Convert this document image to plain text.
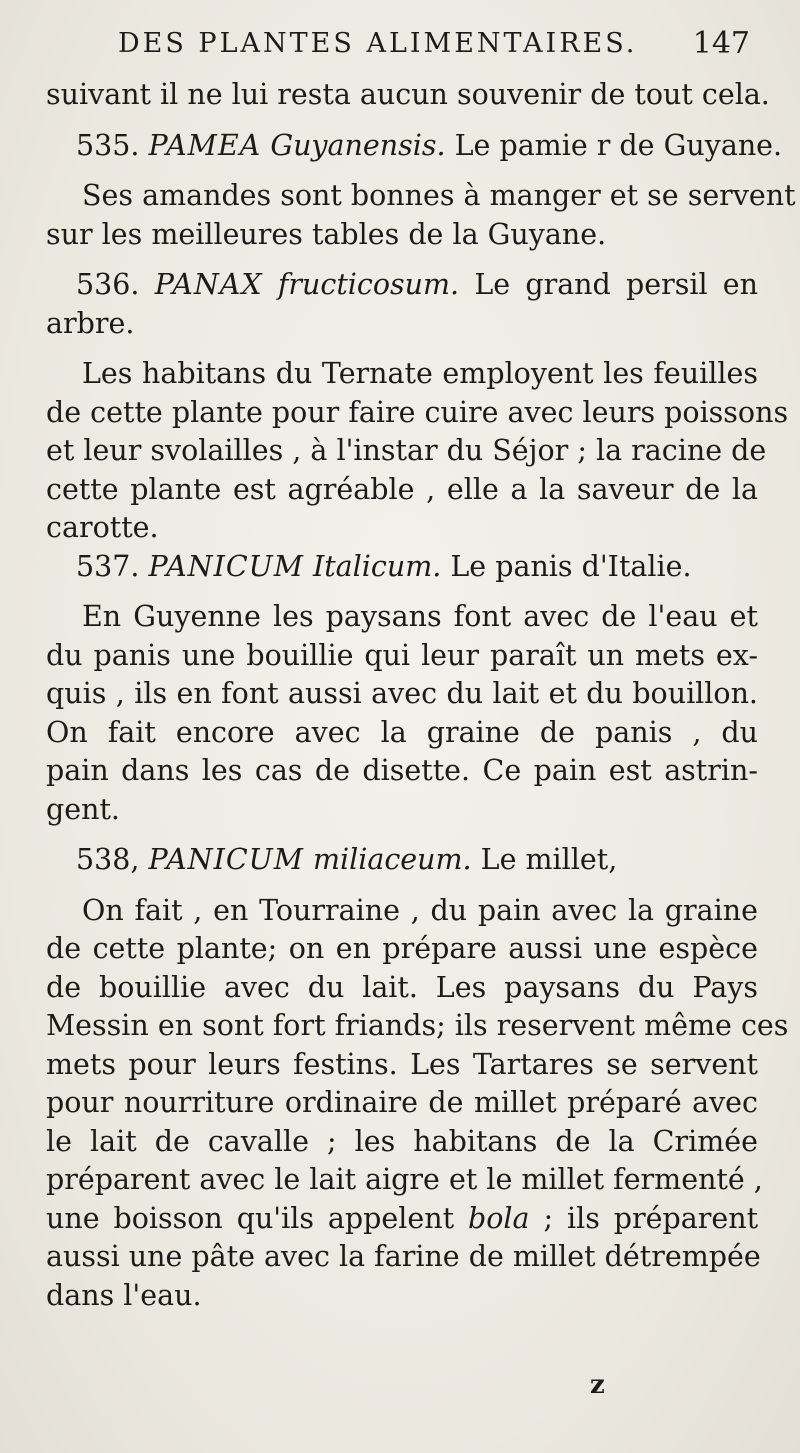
DES PLANTES ALIMENTAIRES. 147
suivant il ne lui resta aucun souvenir de tout cela.
535. PAMEA Guyanensis. Le pamie r de Guyane.
Ses amandes sont bonnes à manger et se servent
sur les meilleures tables de la Guyane.
536. PANAX fructicosum. Le grand persil en
arbre.
Les habitans du Ternate employent les feuilles
de cette plante pour faire cuire avec leurs poissons
et leur svolailles , à l'instar du Séjor ; la racine de
cette plante est agréable , elle a la saveur de la
carotte.
537. PANICUM Italicum. Le panis d'Italie.
En Guyenne les paysans font avec de l'eau et
du panis une bouillie qui leur paraît un mets ex-
quis , ils en font aussi avec du lait et du bouillon.
On fait encore avec la graine de panis , du
pain dans les cas de disette. Ce pain est astrin-
gent.
538, PANICUM miliaceum. Le millet,
On fait , en Tourraine , du pain avec la graine
de cette plante; on en prépare aussi une espèce
de bouillie avec du lait. Les paysans du Pays
Messin en sont fort friands; ils reservent même ces
mets pour leurs festins. Les Tartares se servent
pour nourriture ordinaire de millet préparé avec
le lait de cavalle ; les habitans de la Crimée
préparent avec le lait aigre et le millet fermenté ,
une boisson qu'ils appelent bola ; ils préparent
aussi une pâte avec la farine de millet détrempée
dans l'eau.
z
